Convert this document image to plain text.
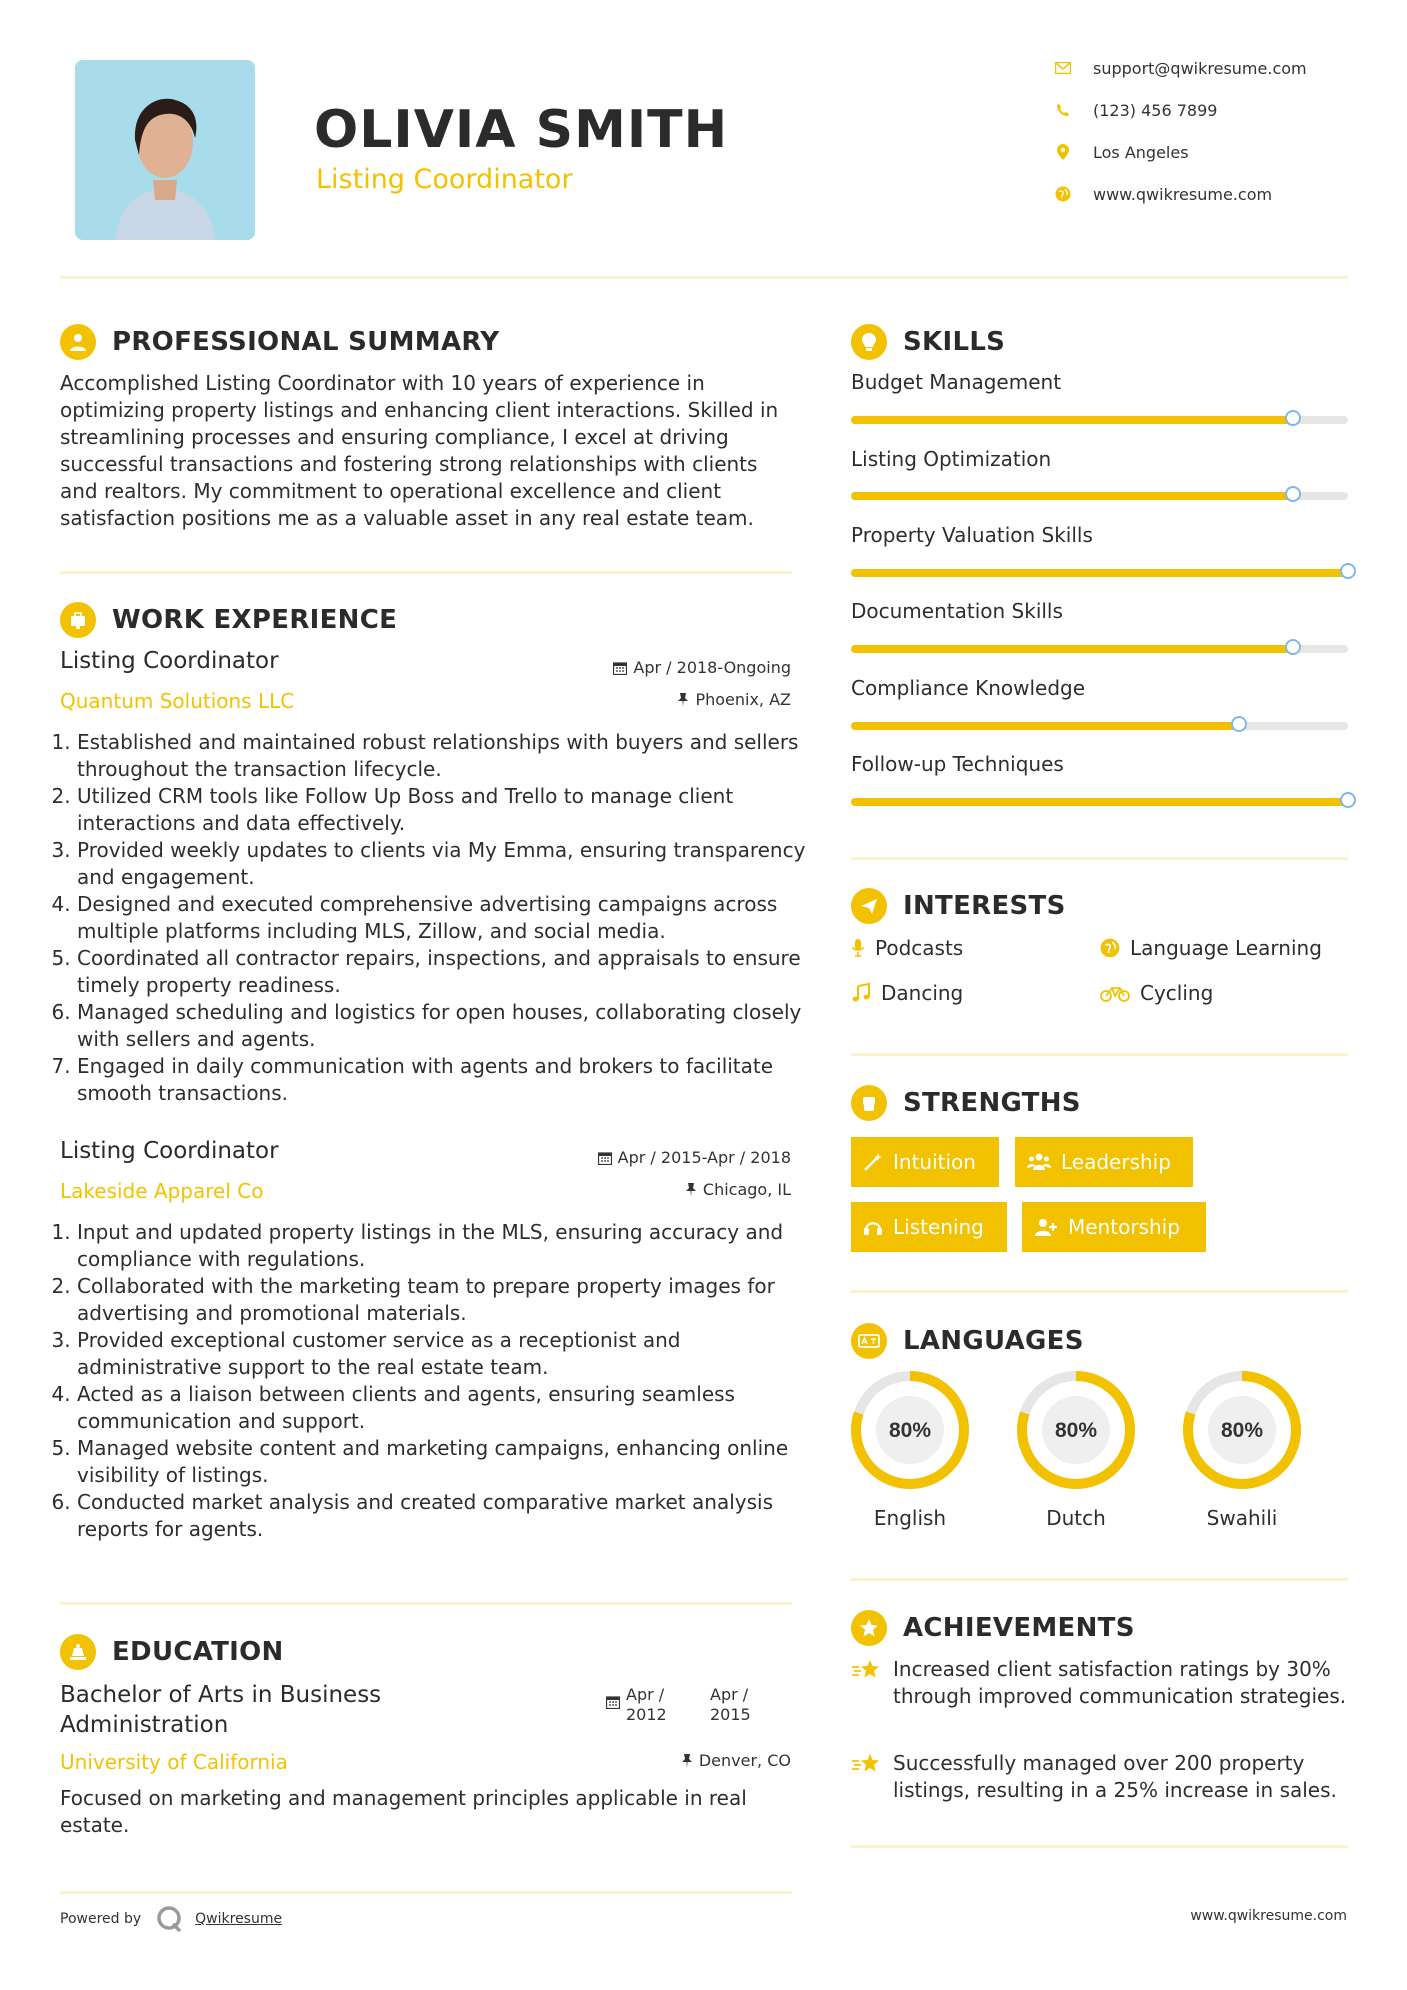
OLIVIA SMITH
Listing Coordinator
support@qwikresume.com
(123) 456 7899
Los Angeles
www.qwikresume.com
PROFESSIONAL SUMMARY
Accomplished Listing Coordinator with 10 years of experience in optimizing property listings and enhancing client interactions. Skilled in streamlining processes and ensuring compliance, I excel at driving successful transactions and fostering strong relationships with clients and realtors. My commitment to operational excellence and client satisfaction positions me as a valuable asset in any real estate team.
WORK EXPERIENCE
Listing Coordinator
Quantum Solutions LLC
Apr / 2018-Ongoing
Phoenix, AZ
1. Established and maintained robust relationships with buyers and sellers throughout the transaction lifecycle.
2. Utilized CRM tools like Follow Up Boss and Trello to manage client interactions and data effectively.
3. Provided weekly updates to clients via My Emma, ensuring transparency and engagement.
4. Designed and executed comprehensive advertising campaigns across multiple platforms including MLS, Zillow, and social media.
5. Coordinated all contractor repairs, inspections, and appraisals to ensure timely property readiness.
6. Managed scheduling and logistics for open houses, collaborating closely with sellers and agents.
7. Engaged in daily communication with agents and brokers to facilitate smooth transactions.
Listing Coordinator
Lakeside Apparel Co
Apr / 2015-Apr / 2018
Chicago, IL
1. Input and updated property listings in the MLS, ensuring accuracy and compliance with regulations.
2. Collaborated with the marketing team to prepare property images for advertising and promotional materials.
3. Provided exceptional customer service as a receptionist and administrative support to the real estate team.
4. Acted as a liaison between clients and agents, ensuring seamless communication and support.
5. Managed website content and marketing campaigns, enhancing online visibility of listings.
6. Conducted market analysis and created comparative market analysis reports for agents.
EDUCATION
Bachelor of Arts in Business Administration
Apr / 2012
Apr / 2015
University of California	Denver, CO
Focused on marketing and management principles applicable in real estate.
SKILLS
Budget Management
Listing Optimization
Property Valuation Skills
Documentation Skills
Compliance Knowledge
Follow-up Techniques
INTERESTS
Podcasts	Language Learning
Dancing	Cycling
STRENGTHS
Intuition	Leadership
Listening	Mentorship
LANGUAGES
80%
English
80%
Dutch
80%
Swahili
ACHIEVEMENTS
Increased client satisfaction ratings by 30% through improved communication strategies.
Successfully managed over 200 property listings, resulting in a 25% increase in sales.
Powered by	Qwikresume	www.qwikresume.com
